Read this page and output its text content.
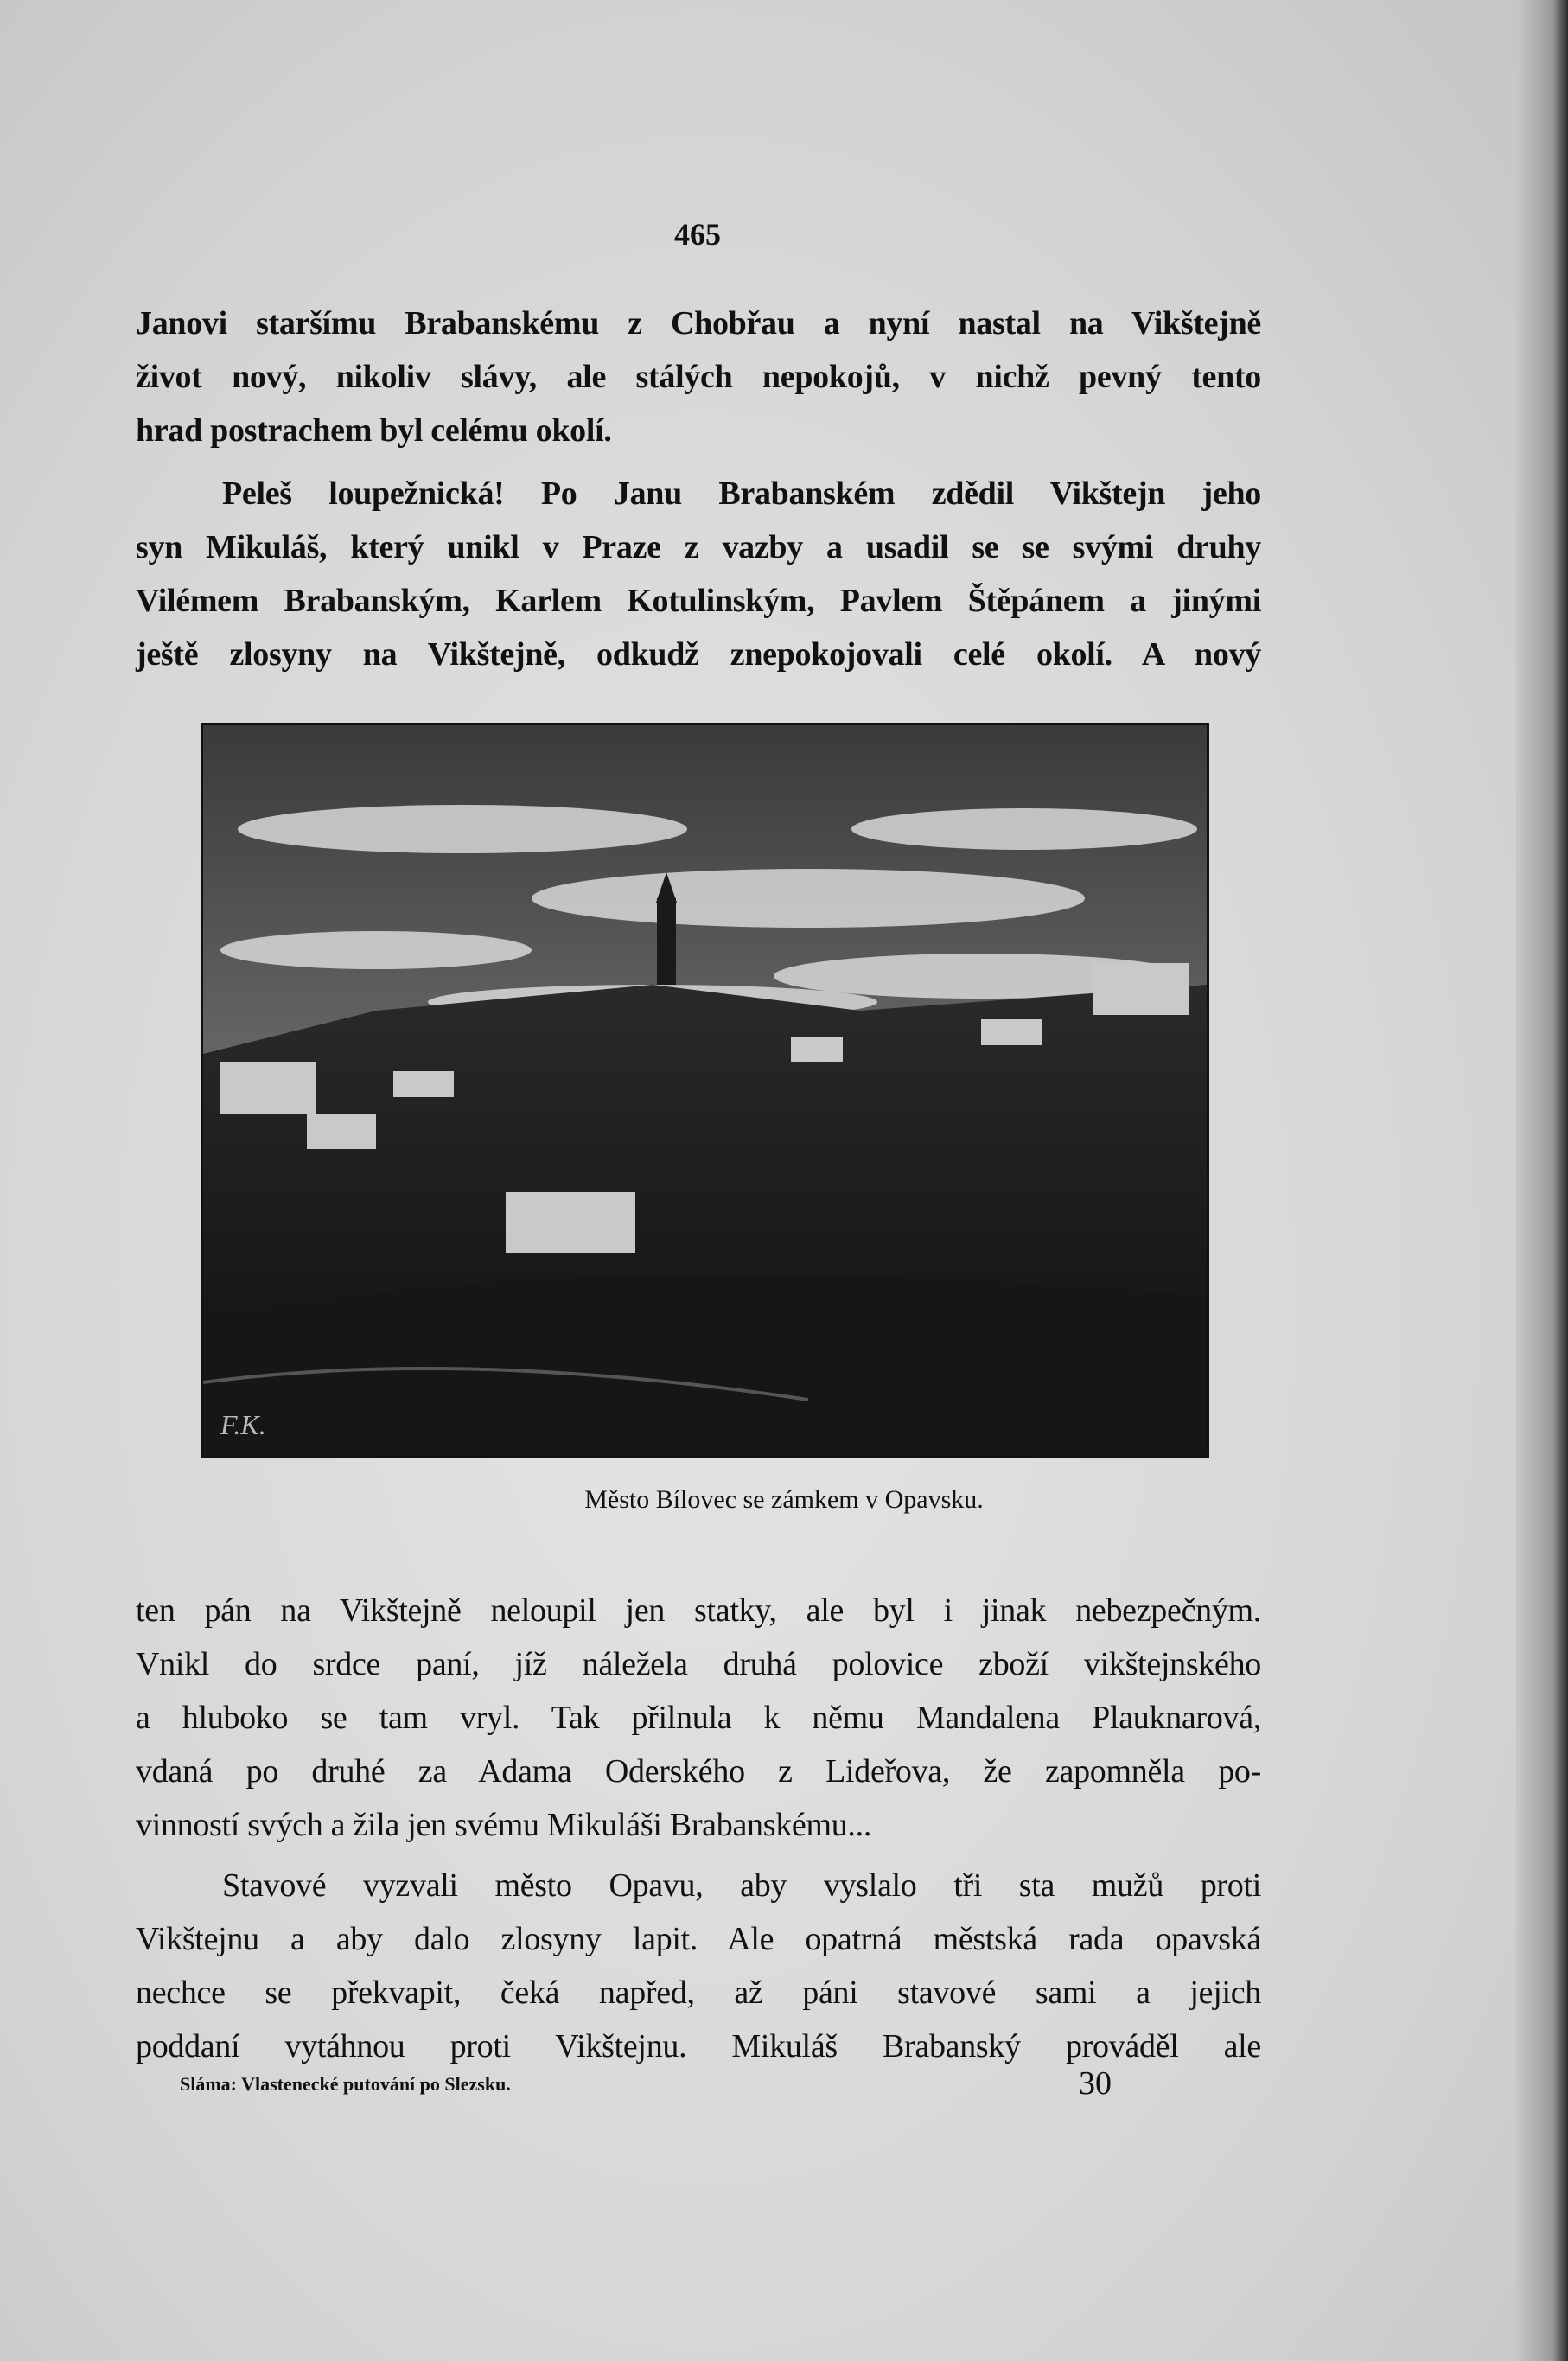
465
Janovi staršímu Brabanskému z Chobřau a nyní nastal na Vikštejně
život nový, nikoliv slávy, ale stálých nepokojů, v nichž pevný tento
hrad postrachem byl celému okolí.
Peleš loupežnická! Po Janu Brabanském zdědil Vikštejn jeho
syn Mikuláš, který unikl v Praze z vazby a usadil se se svými druhy
Vilémem Brabanským, Karlem Kotulinským, Pavlem Štěpánem a jinými
ještě zlosyny na Vikštejně, odkudž znepokojovali celé okolí. A nový
F.K.
Město Bílovec se zámkem v Opavsku.
ten pán na Vikštejně neloupil jen statky, ale byl i jinak nebezpečným.
Vnikl do srdce paní, jíž náležela druhá polovice zboží vikštejnského
a hluboko se tam vryl. Tak přilnula k němu Mandalena Plauknarová,
vdaná po druhé za Adama Oderského z Lideřova, že zapomněla po-
vinností svých a žila jen svému Mikuláši Brabanskému...
Stavové vyzvali město Opavu, aby vyslalo tři sta mužů proti
Vikštejnu a aby dalo zlosyny lapit. Ale opatrná městská rada opavská
nechce se překvapit, čeká napřed, až páni stavové sami a jejich
poddaní vytáhnou proti Vikštejnu. Mikuláš Brabanský prováděl ale
Sláma: Vlastenecké putování po Slezsku.	30
